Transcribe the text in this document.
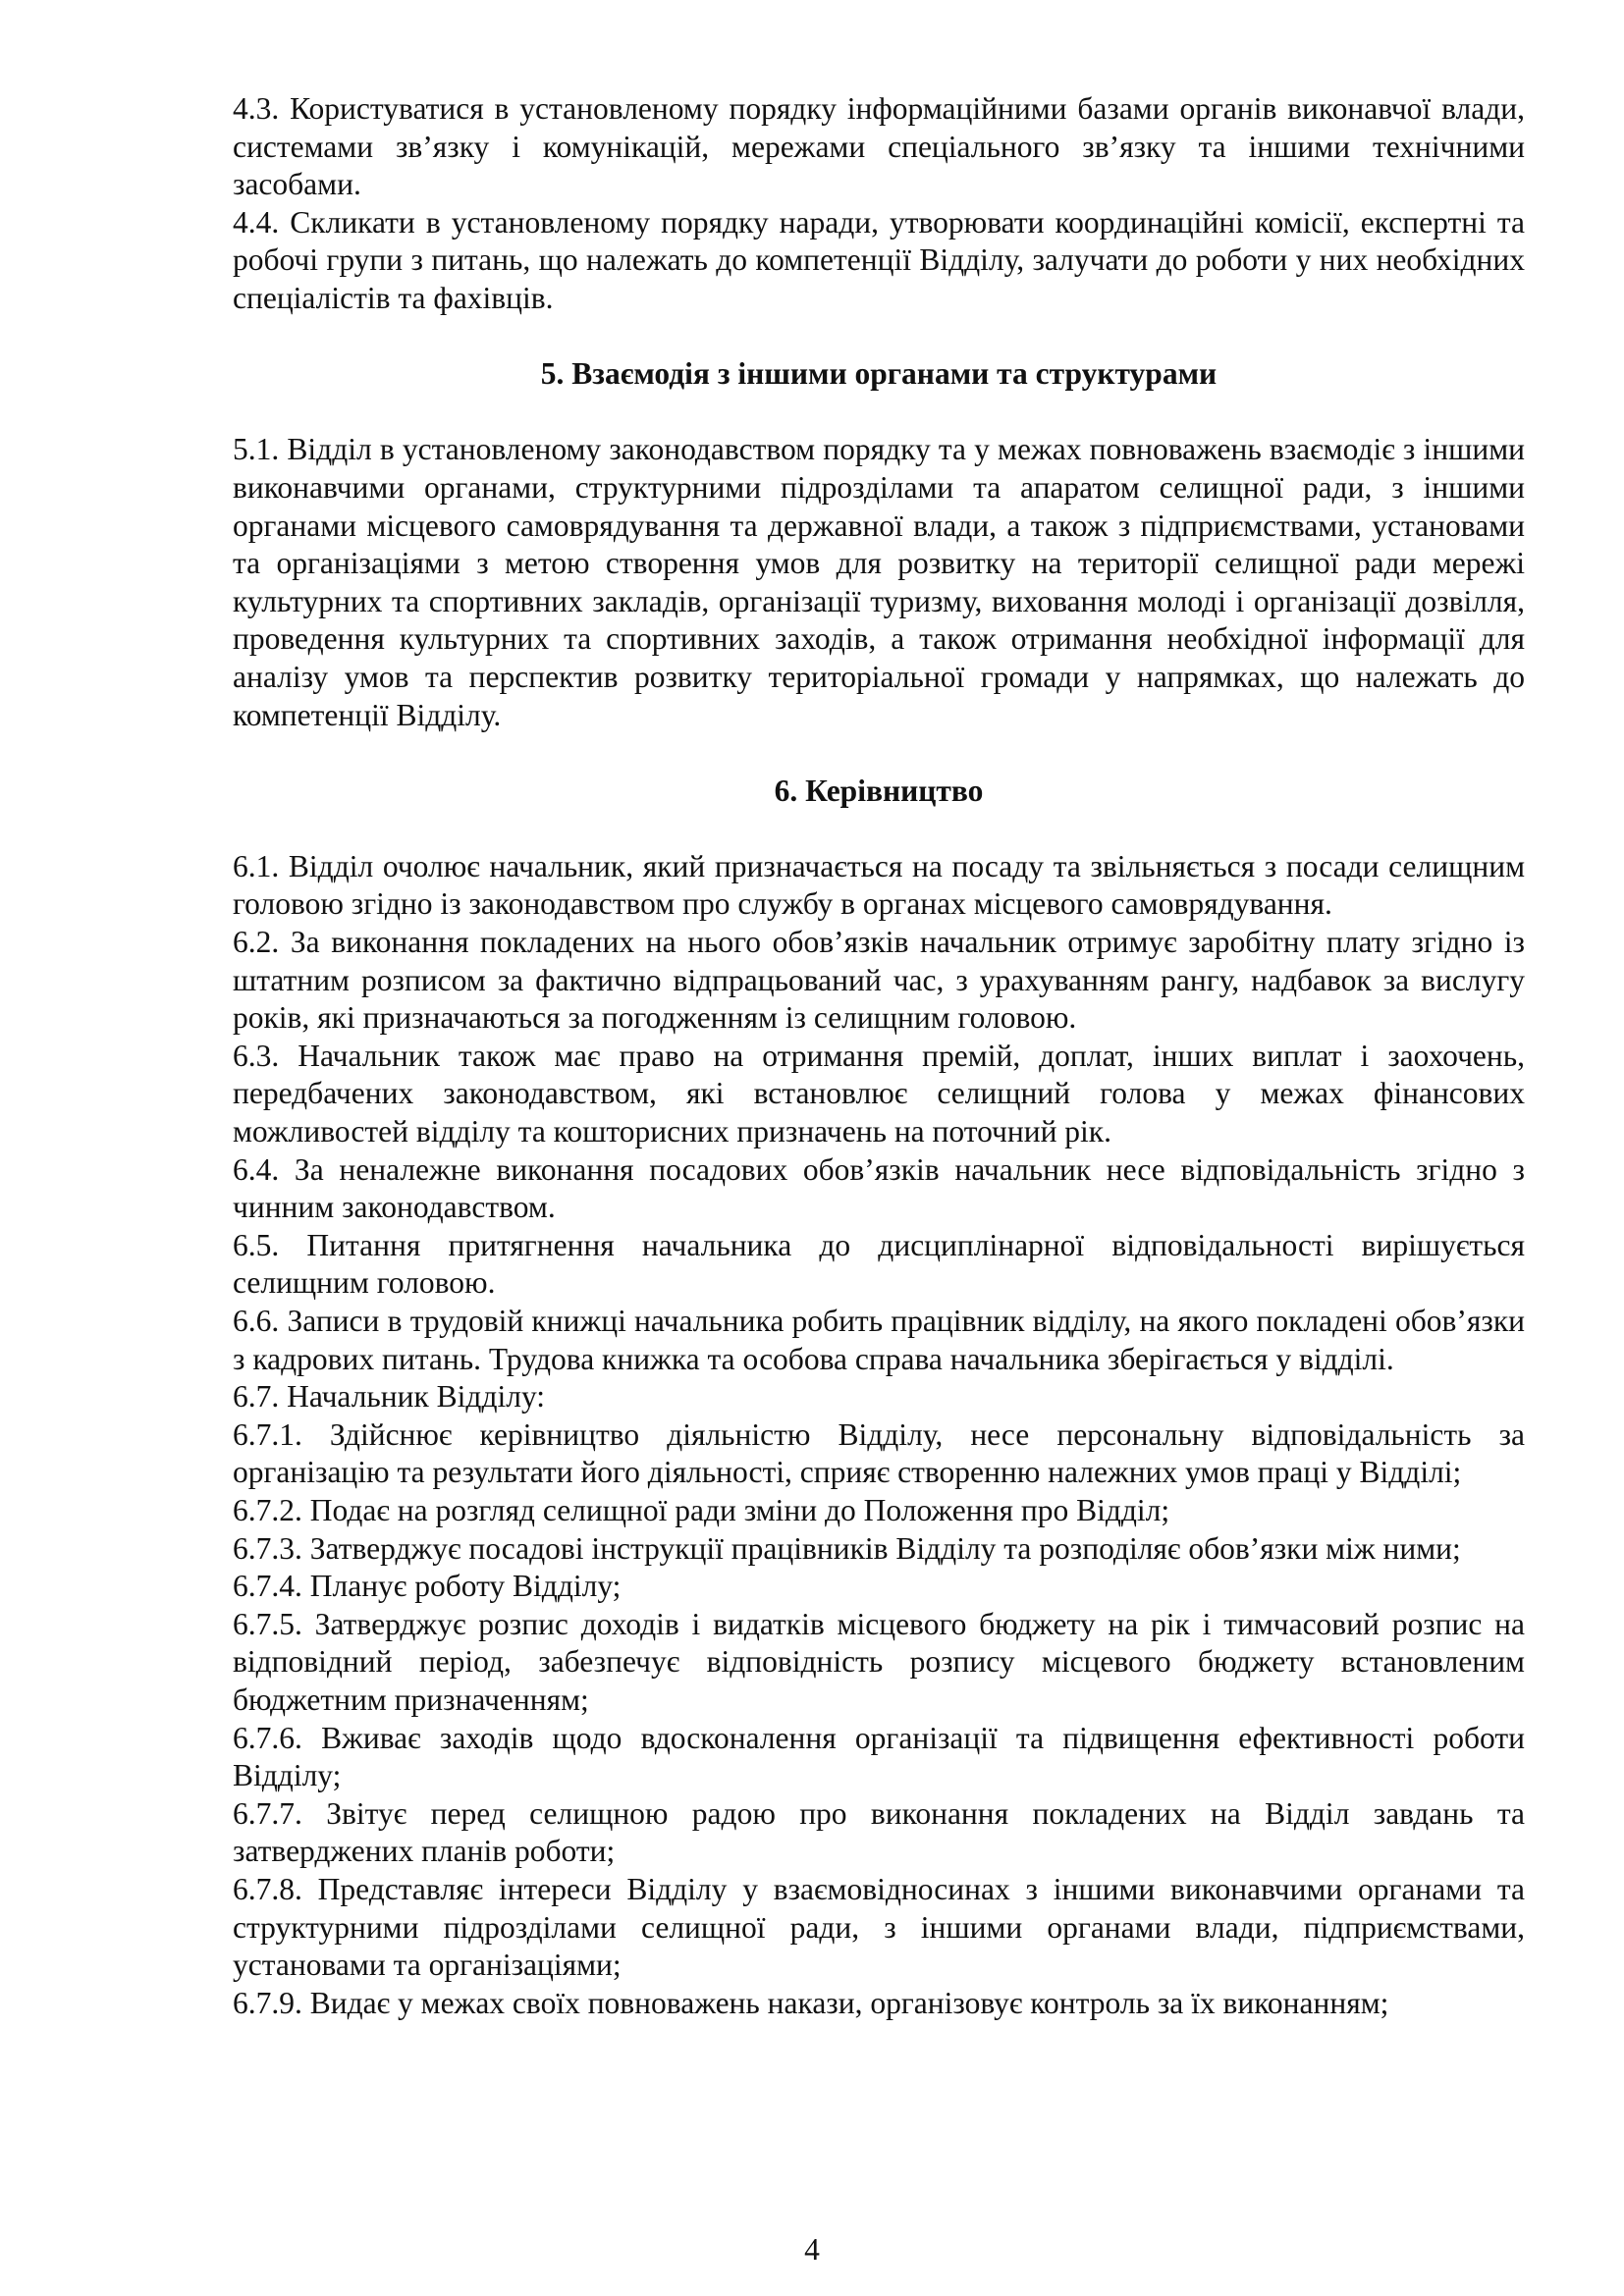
4.3. Користуватися в установленому порядку інформаційними базами органів виконавчої влади, системами зв’язку і комунікацій, мережами спеціального зв’язку та іншими технічними засобами.

4.4. Скликати в установленому порядку наради, утворювати координаційні комісії, експертні та робочі групи з питань, що належать до компетенції Відділу, залучати до роботи у них необхідних спеціалістів та фахівців.

5. Взаємодія з іншими органами та структурами

5.1. Відділ в установленому законодавством порядку та у межах повноважень взаємодіє з іншими виконавчими органами, структурними підрозділами та апаратом селищної ради, з іншими органами місцевого самоврядування та державної влади, а також з підприємствами, установами та організаціями з метою створення умов для розвитку на території селищної ради мережі культурних та спортивних закладів, організації туризму, виховання молоді і організації дозвілля, проведення культурних та спортивних заходів, а також отримання необхідної інформації для аналізу умов та перспектив розвитку територіальної громади у напрямках, що належать до компетенції Відділу.

6. Керівництво

6.1. Відділ очолює начальник, який призначається на посаду та звільняється з посади селищним головою згідно із законодавством про службу в органах місцевого самоврядування.

6.2. За виконання покладених на нього обов’язків начальник отримує заробітну плату згідно із штатним розписом за фактично відпрацьований час, з урахуванням рангу, надбавок за вислугу років, які призначаються за погодженням із селищним головою.

6.3. Начальник також має право на отримання премій, доплат, інших виплат і заохочень, передбачених законодавством, які встановлює селищний голова у межах фінансових можливостей відділу та кошторисних призначень на поточний рік.

6.4. За неналежне виконання посадових обов’язків начальник несе відповідальність згідно з чинним законодавством.

6.5. Питання притягнення начальника до дисциплінарної відповідальності вирішується селищним головою.

6.6. Записи в трудовій книжці начальника робить працівник відділу, на якого покладені обов’язки з кадрових питань. Трудова книжка та особова справа начальника зберігається у відділі.

6.7. Начальник Відділу:

6.7.1. Здійснює керівництво діяльністю Відділу, несе персональну відповідальність за організацію та результати його діяльності, сприяє створенню належних умов праці у Відділі;

6.7.2. Подає на розгляд селищної ради зміни до Положення про Відділ;

6.7.3. Затверджує посадові інструкції працівників Відділу та розподіляє обов’язки між ними;

6.7.4. Планує роботу Відділу;

6.7.5. Затверджує розпис доходів і видатків місцевого бюджету на рік і тимчасовий розпис на відповідний період, забезпечує відповідність розпису місцевого бюджету встановленим бюджетним призначенням;

6.7.6. Вживає заходів щодо вдосконалення організації та підвищення ефективності роботи Відділу;

6.7.7. Звітує перед селищною радою про виконання покладених на Відділ завдань та затверджених планів роботи;

6.7.8. Представляє інтереси Відділу у взаємовідносинах з іншими виконавчими органами та структурними підрозділами селищної ради, з іншими органами влади, підприємствами, установами та організаціями;

6.7.9. Видає у межах своїх повноважень накази, організовує контроль за їх виконанням;

4
